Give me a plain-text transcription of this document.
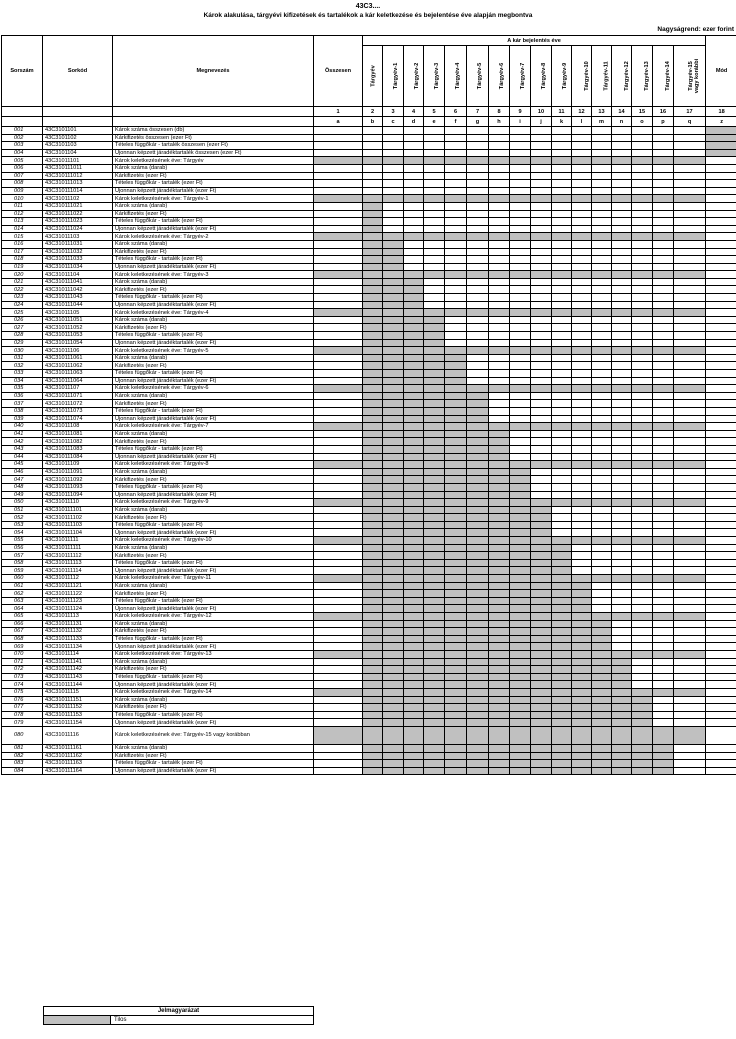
43C3....
Károk alakulása, tárgyévi kifizetések és tartalékok a kár keletkezése és bejelentése éve alapján megbontva
Nagyságrend: ezer forint
Sorszám	Sorkód	Megnevezés	Összesen	A kár bejelentés éve																Mód
				Tárgyév	Tárgyév-1	Tárgyév-2	Tárgyév-3	Tárgyév-4	Tárgyév-5	Tárgyév-6	Tárgyév-7	Tárgyév-8	Tárgyév-9	Tárgyév-10	Tárgyév-11	Tárgyév-12	Tárgyév-13	Tárgyév-14	Tárgyév-15 vagy korábbi	
			1	2	3	4	5	6	7	8	9	10	11	12	13	14	15	16	17	18
			a	b	c	d	e	f	g	h	i	j	k	l	m	n	o	p	q	z
001	43C3101101	Károk száma összesen (db)																		
002	43C3101102	Kárkifizetés összesen (ezer Ft)																		
003	43C3101103	Tételes függőkár - tartalék összesen (ezer Ft)																		
004	43C3101104	Újonnan képzett járadéktartalék összesen (ezer Ft)																		
005	43C31011101	Károk keletkezésének éve: Tárgyév																		
006	43C310111011	Károk száma (darab)																		
007	43C310111012	Kárkifizetés (ezer Ft)																		
008	43C310111013	Tételes függőkár - tartalék (ezer Ft)																		
009	43C310111014	Újonnan képzett járadéktartalék (ezer Ft)																		
010	43C31011102	Károk keletkezésének éve: Tárgyév-1																		
011	43C310111021	Károk száma (darab)																		
012	43C310111022	Kárkifizetés (ezer Ft)																		
013	43C310111023	Tételes függőkár - tartalék (ezer Ft)																		
014	43C310111024	Újonnan képzett járadéktartalék (ezer Ft)																		
015	43C31011103	Károk keletkezésének éve: Tárgyév-2																		
016	43C310111031	Károk száma (darab)																		
017	43C310111032	Kárkifizetés (ezer Ft)																		
018	43C310111033	Tételes függőkár - tartalék (ezer Ft)																		
019	43C310111034	Újonnan képzett járadéktartalék (ezer Ft)																		
020	43C31011104	Károk keletkezésének éve: Tárgyév-3																		
021	43C310111041	Károk száma (darab)																		
022	43C310111042	Kárkifizetés (ezer Ft)																		
023	43C310111043	Tételes függőkár - tartalék (ezer Ft)																		
024	43C310111044	Újonnan képzett járadéktartalék (ezer Ft)																		
025	43C31011105	Károk keletkezésének éve: Tárgyév-4																		
026	43C310111051	Károk száma (darab)																		
027	43C310111052	Kárkifizetés (ezer Ft)																		
028	43C310111053	Tételes függőkár - tartalék (ezer Ft)																		
029	43C310111054	Újonnan képzett járadéktartalék (ezer Ft)																		
030	43C31011106	Károk keletkezésének éve: Tárgyév-5																		
031	43C310111061	Károk száma (darab)																		
032	43C310111062	Kárkifizetés (ezer Ft)																		
033	43C310111063	Tételes függőkár - tartalék (ezer Ft)																		
034	43C310111064	Újonnan képzett járadéktartalék (ezer Ft)																		
035	43C31011107	Károk keletkezésének éve: Tárgyév-6																		
036	43C310111071	Károk száma (darab)																		
037	43C310111072	Kárkifizetés (ezer Ft)																		
038	43C310111073	Tételes függőkár - tartalék (ezer Ft)																		
039	43C310111074	Újonnan képzett járadéktartalék (ezer Ft)																		
040	43C31011108	Károk keletkezésének éve: Tárgyév-7																		
041	43C310111081	Károk száma (darab)																		
042	43C310111082	Kárkifizetés (ezer Ft)																		
043	43C310111083	Tételes függőkár - tartalék (ezer Ft)																		
044	43C310111084	Újonnan képzett járadéktartalék (ezer Ft)																		
045	43C31011109	Károk keletkezésének éve: Tárgyév-8																		
046	43C310111091	Károk száma (darab)																		
047	43C310111092	Kárkifizetés (ezer Ft)																		
048	43C310111093	Tételes függőkár - tartalék (ezer Ft)																		
049	43C310111094	Újonnan képzett járadéktartalék (ezer Ft)																		
050	43C31011110	Károk keletkezésének éve: Tárgyév-9																		
051	43C310111101	Károk száma (darab)																		
052	43C310111102	Kárkifizetés (ezer Ft)																		
053	43C310111103	Tételes függőkár - tartalék (ezer Ft)																		
054	43C310111104	Újonnan képzett járadéktartalék (ezer Ft)																		
055	43C31011111	Károk keletkezésének éve: Tárgyév-10																		
056	43C310111111	Károk száma (darab)																		
057	43C310111112	Kárkifizetés (ezer Ft)																		
058	43C310111113	Tételes függőkár - tartalék (ezer Ft)																		
059	43C310111114	Újonnan képzett járadéktartalék (ezer Ft)																		
060	43C31011112	Károk keletkezésének éve: Tárgyév-11																		
061	43C310111121	Károk száma (darab)																		
062	43C310111122	Kárkifizetés (ezer Ft)																		
063	43C310111123	Tételes függőkár - tartalék (ezer Ft)																		
064	43C310111124	Újonnan képzett járadéktartalék (ezer Ft)																		
065	43C31011113	Károk keletkezésének éve: Tárgyév-12																		
066	43C310111131	Károk száma (darab)																		
067	43C310111132	Kárkifizetés (ezer Ft)																		
068	43C310111133	Tételes függőkár - tartalék (ezer Ft)																		
069	43C310111134	Újonnan képzett járadéktartalék (ezer Ft)																		
070	43C31011114	Károk keletkezésének éve: Tárgyév-13																		
071	43C310111141	Károk száma (darab)																		
072	43C310111142	Kárkifizetés (ezer Ft)																		
073	43C310111143	Tételes függőkár - tartalék (ezer Ft)																		
074	43C310111144	Újonnan képzett járadéktartalék (ezer Ft)																		
075	43C31011115	Károk keletkezésének éve: Tárgyév-14																		
076	43C310111151	Károk száma (darab)																		
077	43C310111152	Kárkifizetés (ezer Ft)																		
078	43C310111153	Tételes függőkár - tartalék (ezer Ft)																		
079	43C310111154	Újonnan képzett járadéktartalék (ezer Ft)																		
080	43C31011116	Károk keletkezésének éve: Tárgyév-15 vagy korábban																		
081	43C310111161	Károk száma (darab)																		
082	43C310111162	Kárkifizetés (ezer Ft)																		
083	43C310111163	Tételes függőkár - tartalék (ezer Ft)																		
084	43C310111164	Újonnan képzett járadéktartalék (ezer Ft)																		
Jelmagyarázat
	Tilos
